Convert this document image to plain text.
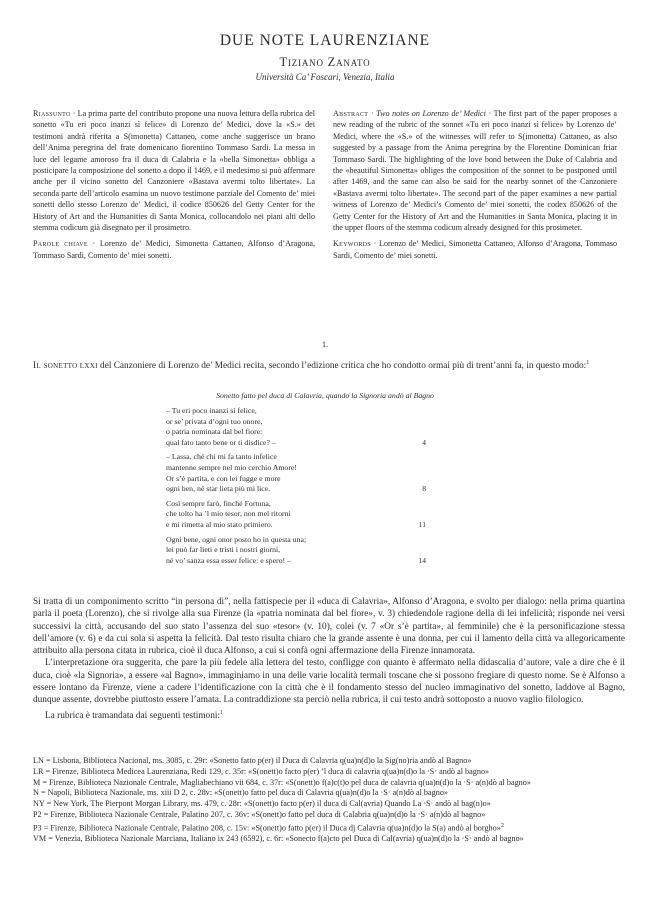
DUE NOTE LAURENZIANE
Tiziano Zanato
Università Ca’ Foscari, Venezia, Italia

Riassunto · La prima parte del contributo propone una nuova lettura della rubrica del sonetto «Tu eri poco inanzi sì felice» di Lorenzo de’ Medici, dove la «S.» dei testimoni andrà riferita a S(imonetta) Cattaneo, come anche suggerisce un brano dell’Anima peregrina del frate domenicano fiorentino Tommaso Sardi. La messa in luce del legame amoroso fra il duca di Calabria e la «bella Simonetta» obbliga a posticipare la composizione del sonetto a dopo il 1469, e il medesimo si può affermare anche per il vicino sonetto del Canzoniere «Bastava avermi tolto libertate». La seconda parte dell’articolo esamina un nuovo testimone parziale del Comento de’ miei sonetti dello stesso Lorenzo de’ Medici, il codice 850626 del Getty Center for the History of Art and the Humanities di Santa Monica, collocandolo nei piani alti dello stemma codicum già disegnato per il prosimetro.

Parole chiave · Lorenzo de’ Medici, Simonetta Cattaneo, Alfonso d’Aragona, Tommaso Sardi, Comento de’ miei sonetti.

Abstract · Two notes on Lorenzo de’ Medici · The first part of the paper proposes a new reading of the rubric of the sonnet «Tu eri poco inanzi sì felice» by Lorenzo de’ Medici, where the «S.» of the witnesses will refer to S(imonetta) Cattaneo, as also suggested by a passage from the Anima peregrina by the Florentine Dominican friar Tommaso Sardi. The highlighting of the love bond between the Duke of Calabria and the «beautiful Simonetta» obliges the composition of the sonnet to be postponed until after 1469, and the same can also be said for the nearby sonnet of the Canzoniere «Bastava avermi tolto libertate». The second part of the paper examines a new partial witness of Lorenzo de’ Medici’s Comento de’ miei sonetti, the codex 850626 of the Getty Center for the History of Art and the Humanities in Santa Monica, placing it in the upper floors of the stemma codicum already designed for this prosimeter.

Keywords · Lorenzo de’ Medici, Simonetta Cattaneo, Alfonso d’Aragona, Tommaso Sardi, Comento de’ miei sonetti.

1.

Il sonetto lxxi del Canzoniere di Lorenzo de’ Medici recita, secondo l’edizione critica che ho condotto ormai più di trent’anni fa, in questo modo:$^1$

Sonetto fatto pel duca di Calavria, quando la Signoria andò al Bagno
– Tu eri poco inanzi sì felice,
or se’ privata d’ogni tuo onore,
o patria nominata dal bel fiore:
qual fato tanto bene or ti disdice? –	4
– Lassa, ché chi mi fa tanto infelice
mantenne sempre nel mio cerchio Amore!
Or s’è partita, e con lei fugge e more
ogni ben, né star lieta più mi lice.	8
Così sempre farò, finché Fortuna,
che tolto ha ’l mio tesor, non mel ritorni
e mi rimetta al mio stato primiero.	11
Ogni bene, ogni onor posto ho in questa una;
lei può far lieti e tristi i nostri giorni,
né vo’ sanza essa esser felice: e spero! –	14

Si tratta di un componimento scritto “in persona di”, nella fattispecie per il «duca di Calavria», Alfonso d’Aragona, e svolto per dialogo: nella prima quartina parla il poeta (Lorenzo), che si rivolge alla sua Firenze (la «patria nominata dal bel fiore», v. 3) chiedendole ragione della di lei infelicità; risponde nei versi successivi la città, accusando del suo stato l’assenza del suo «tesor» (v. 10), colei (v. 7 «Or s’è partita», al femminile) che è la personificazione stessa dell’amore (v. 6) e da cui sola si aspetta la felicità. Dal testo risulta chiaro che la grande assente è una donna, per cui il lamento della città va allegoricamente attribuito alla persona citata in rubrica, cioè il duca Alfonso, a cui si confà ogni affermazione della Firenze innamorata.

L’interpretazione ora suggerita, che pare la più fedele alla lettera del testo, confligge con quanto è affermato nella didascalia d’autore, vale a dire che è il duca, cioè «la Signoria», a essere «al Bagno», immaginiamo in una delle varie località termali toscane che si possono fregiare di questo nome. Se è Alfonso a essere lontano da Firenze, viene a cadere l’identificazione con la città che è il fondamento stesso del nucleo immaginativo del sonetto, laddove al Bagno, dunque assente, dovrebbe piuttosto essere l’amata. La contraddizione sta perciò nella rubrica, il cui testo andrà sottoposto a nuovo vaglio filologico.

La rubrica è tramandata dai seguenti testimoni:$^1$

LN = Lisbona, Biblioteca Nacional, ms. 3085, c. 29r: «Sonetto fatto p(er) il Duca di Calavria q(ua)n(d)o la Sig(no)ria andò al Bagno»
LR = Firenze, Biblioteca Medicea Laurenziana, Redi 129, c. 35r: «S(onett)o facto p(er) ’l duca di calavria q(ua)n(d)o la ·S· andò al bagno»
M = Firenze, Biblioteca Nazionale Centrale, Magliabechiano vii 684, c. 37r: «S(onett)o f(a)c(t)o pel duca de calavria q(ua)n(d)o la ·S· a(n)dò al bagno»
N = Napoli, Biblioteca Nazionale, ms. xiii D 2, c. 28v: «S(onett)o fatto pel duca di Calavria q(ua)n(d)o la ·S· a(n)dò al bagno»
NY = New York, The Pierpont Morgan Library, ms. 479, c. 28r: «S(onett)o facto p(er) il duca di Cal(avria) Quando La ·S· andò al bag(n)o»
P2 = Firenze, Biblioteca Nazionale Centrale, Palatino 207, c. 36v: «S(onett)o fatto pel duca di Calabria q(ua)n(d)o la ·S· a(n)dò al bagno»
P3 = Firenze, Biblioteca Nazionale Centrale, Palatino 208, c. 15v: «S(onett)o fatto p(er) il Duca dj Calavria q(ua)n(d)o la S(a) andò al borgho»$^2$
VM = Venezia, Biblioteca Nazionale Marciana, Italiano ix 243 (6592), c. 6r: «Sonecto f(a)cto pel Duca di Cal(avria) q(ua)n(d)o la ·S· andò al bagno»
